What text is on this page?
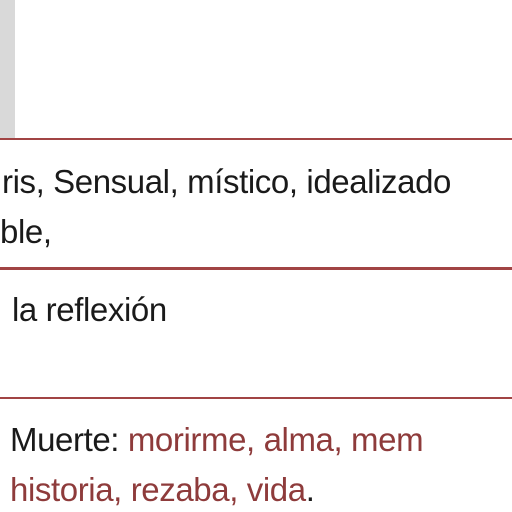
ris, Sensual, místico, idealizado
ble,
la reflexión
Muerte: morirme, alma, mem
historia, rezaba, vida.
